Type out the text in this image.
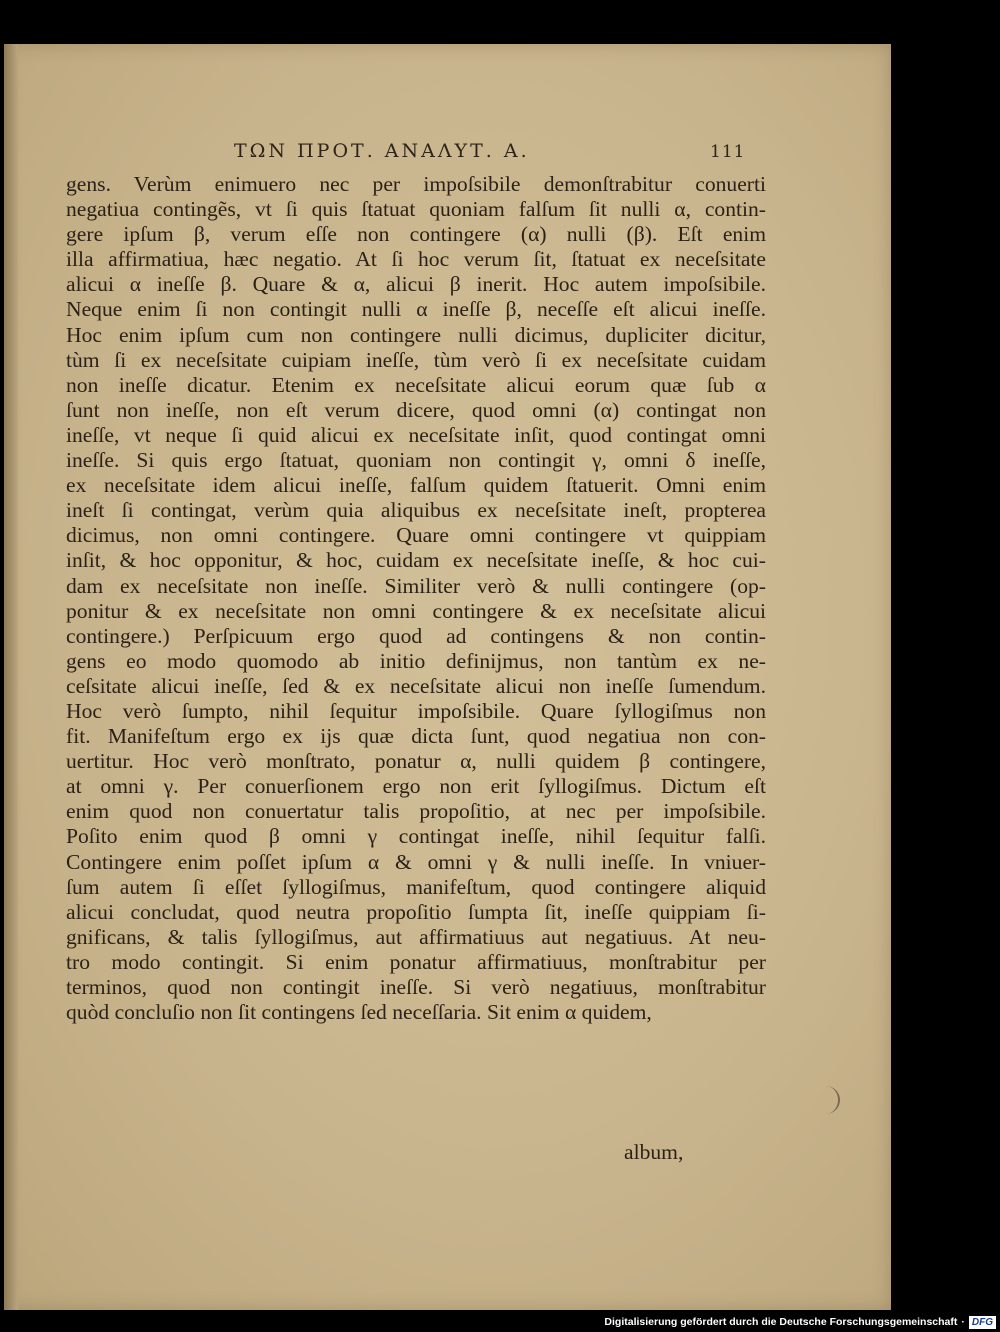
ΤΩΝ ΠΡΟΤ. ΑΝΑΛΥΤ. Α.	111
gens. Verùm enimuero nec per impoſsibile demonſtrabitur conuerti
negatiua contingẽs, vt ſi quis ſtatuat quoniam falſum ſit nulli α, contin-
gere ipſum β, verum eſſe non contingere (α) nulli (β). Eſt enim
illa affirmatiua, hæc negatio. At ſi hoc verum ſit, ſtatuat ex neceſsitate
alicui α ineſſe β. Quare & α, alicui β inerit. Hoc autem impoſsibile.
Neque enim ſi non contingit nulli α ineſſe β, neceſſe eſt alicui ineſſe.
Hoc enim ipſum cum non contingere nulli dicimus, dupliciter dicitur,
tùm ſi ex neceſsitate cuipiam ineſſe, tùm verò ſi ex neceſsitate cuidam
non ineſſe dicatur. Etenim ex neceſsitate alicui eorum quæ ſub α
ſunt non ineſſe, non eſt verum dicere, quod omni (α) contingat non
ineſſe, vt neque ſi quid alicui ex neceſsitate inſit, quod contingat omni
ineſſe. Si quis ergo ſtatuat, quoniam non contingit γ, omni δ ineſſe,
ex neceſsitate idem alicui ineſſe, falſum quidem ſtatuerit. Omni enim
ineſt ſi contingat, verùm quia aliquibus ex neceſsitate ineſt, propterea
dicimus, non omni contingere. Quare omni contingere vt quippiam
inſit, & hoc opponitur, & hoc, cuidam ex neceſsitate ineſſe, & hoc cui-
dam ex neceſsitate non ineſſe. Similiter verò & nulli contingere (op-
ponitur & ex neceſsitate non omni contingere & ex neceſsitate alicui
contingere.) Perſpicuum ergo quod ad contingens & non contin-
gens eo modo quomodo ab initio definijmus, non tantùm ex ne-
ceſsitate alicui ineſſe, ſed & ex neceſsitate alicui non ineſſe ſumendum.
Hoc verò ſumpto, nihil ſequitur impoſsibile. Quare ſyllogiſmus non
fit. Manifeſtum ergo ex ijs quæ dicta ſunt, quod negatiua non con-
uertitur. Hoc verò monſtrato, ponatur α, nulli quidem β contingere,
at omni γ. Per conuerſionem ergo non erit ſyllogiſmus. Dictum eſt
enim quod non conuertatur talis propoſitio, at nec per impoſsibile.
Poſito enim quod β omni γ contingat ineſſe, nihil ſequitur falſi.
Contingere enim poſſet ipſum α & omni γ & nulli ineſſe. In vniuer-
ſum autem ſi eſſet ſyllogiſmus, manifeſtum, quod contingere aliquid
alicui concludat, quod neutra propoſitio ſumpta ſit, ineſſe quippiam ſi-
gnificans, & talis ſyllogiſmus, aut affirmatiuus aut negatiuus. At neu-
tro modo contingit. Si enim ponatur affirmatiuus, monſtrabitur per
terminos, quod non contingit ineſſe. Si verò negatiuus, monſtrabitur
quòd concluſio non ſit contingens ſed neceſſaria. Sit enim α quidem,
album,
Digitalisierung gefördert durch die Deutsche Forschungsgemeinschaft · DFG
